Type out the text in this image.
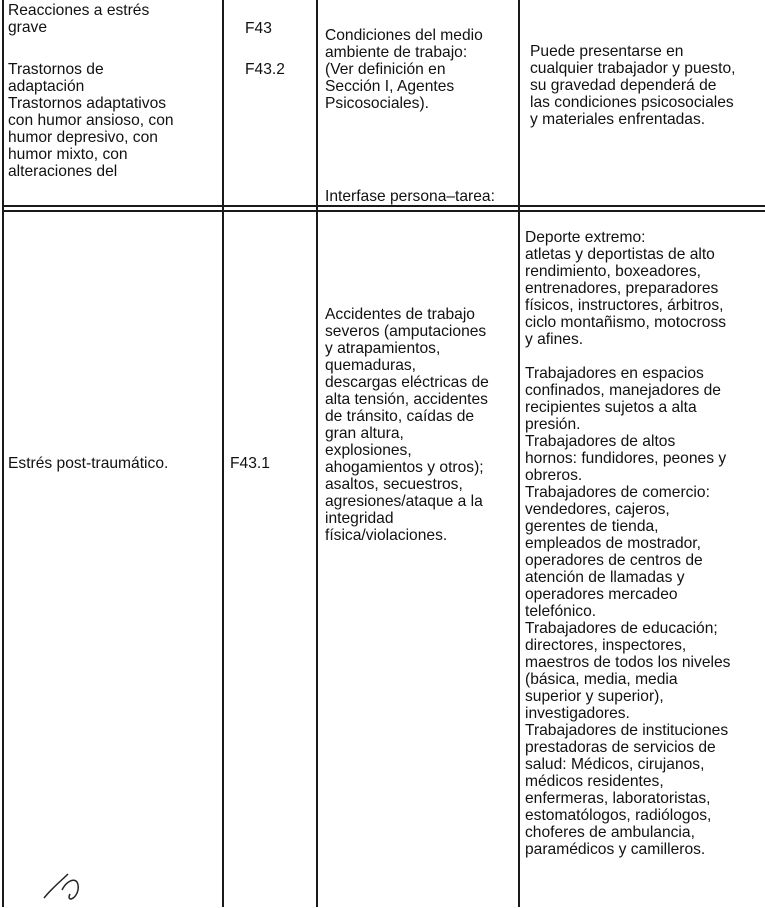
Reacciones a estrés
grave	F43
Trastornos de
adaptación
Trastornos adaptativos
con humor ansioso, con
humor depresivo, con
humor mixto, con
alteraciones del
F43.2
Condiciones del medio
ambiente de trabajo:
(Ver definición en
Sección I, Agentes
Psicosociales).
Interfase persona–tarea:
Puede presentarse en
cualquier trabajador y puesto,
su gravedad dependerá de
las condiciones psicosociales
y materiales enfrentadas.
Estrés post-traumático.	F43.1
Accidentes de trabajo
severos (amputaciones
y atrapamientos,
quemaduras,
descargas eléctricas de
alta tensión, accidentes
de tránsito, caídas de
gran altura,
explosiones,
ahogamientos y otros);
asaltos, secuestros,
agresiones/ataque a la
integridad
física/violaciones.
Deporte extremo:
atletas y deportistas de alto
rendimiento, boxeadores,
entrenadores, preparadores
físicos, instructores, árbitros,
ciclo montañismo, motocross
y afines.

Trabajadores en espacios
confinados, manejadores de
recipientes sujetos a alta
presión.
Trabajadores de altos
hornos: fundidores, peones y
obreros.
Trabajadores de comercio:
vendedores, cajeros,
gerentes de tienda,
empleados de mostrador,
operadores de centros de
atención de llamadas y
operadores mercadeo
telefónico.
Trabajadores de educación;
directores, inspectores,
maestros de todos los niveles
(básica, media, media
superior y superior),
investigadores.
Trabajadores de instituciones
prestadoras de servicios de
salud: Médicos, cirujanos,
médicos residentes,
enfermeras, laboratoristas,
estomatólogos, radiólogos,
choferes de ambulancia,
paramédicos y camilleros.
